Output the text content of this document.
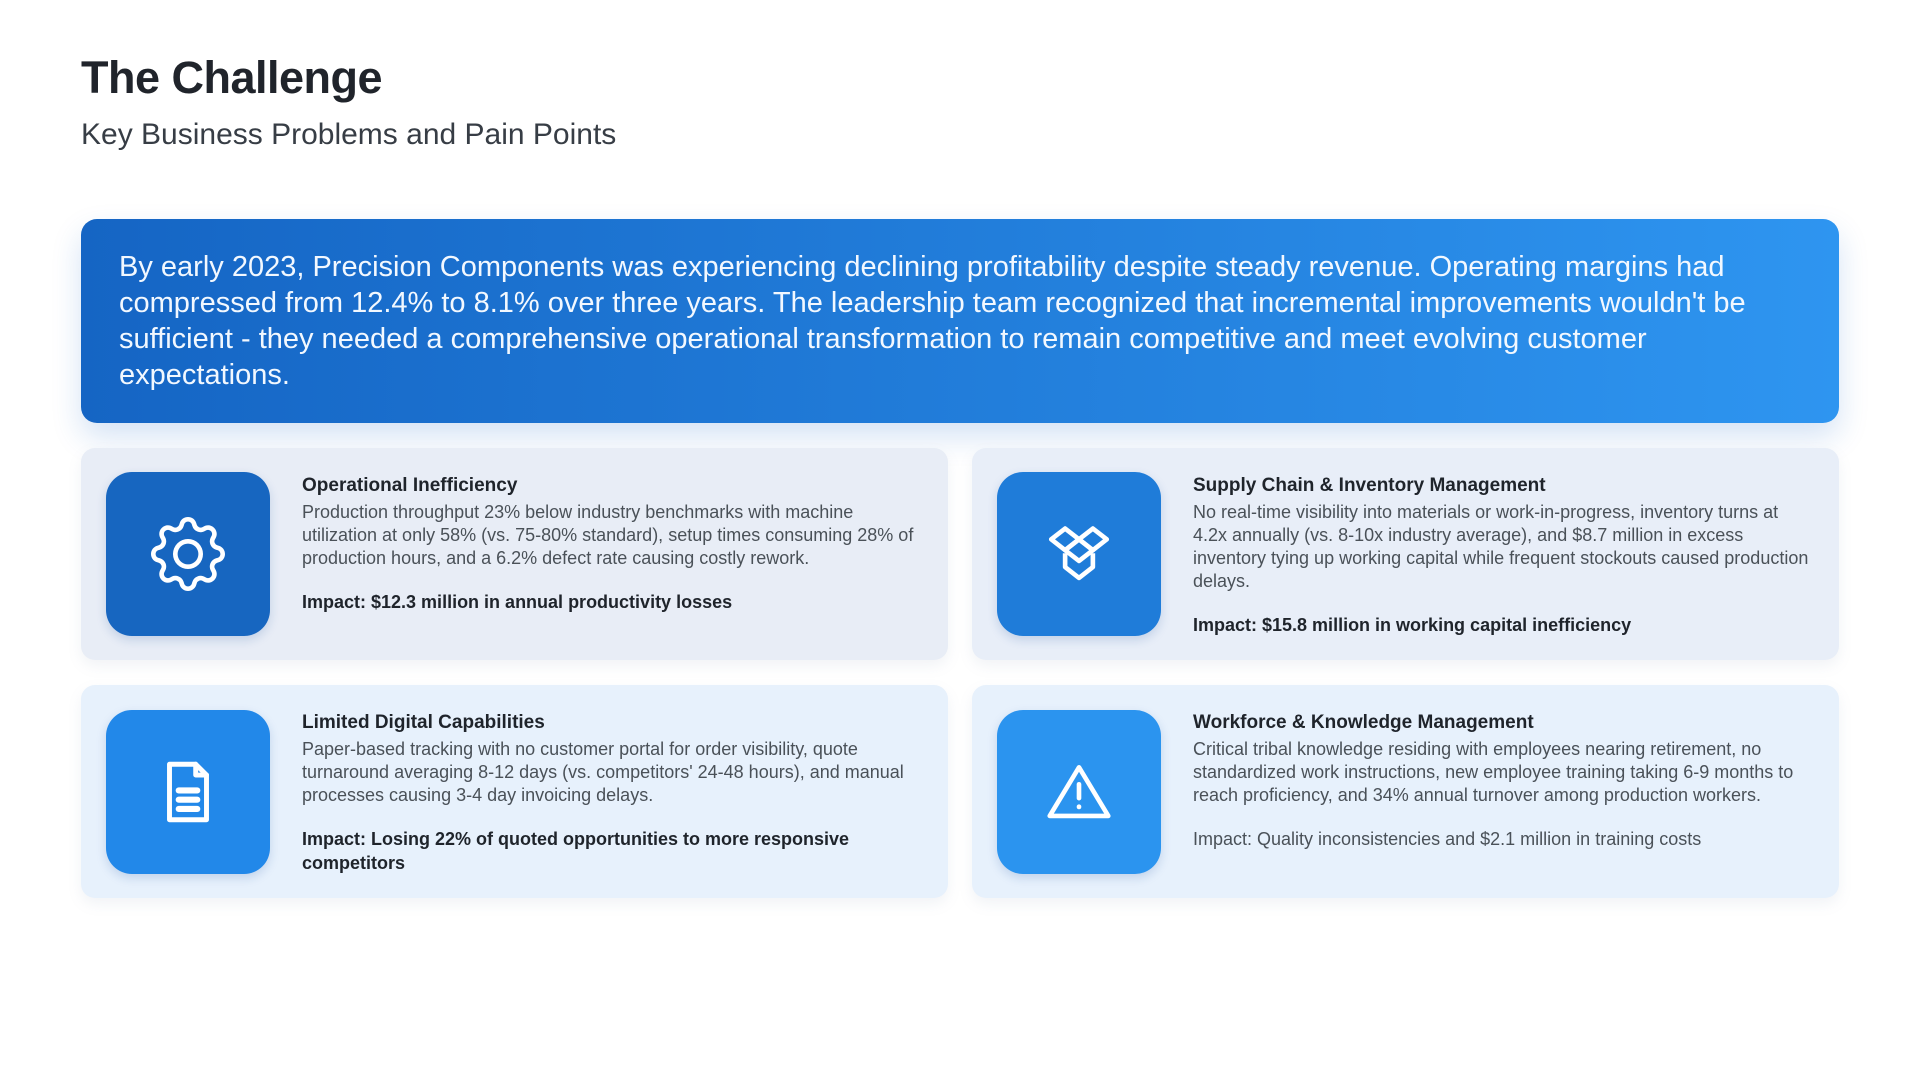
The Challenge
Key Business Problems and Pain Points

By early 2023, Precision Components was experiencing declining profitability despite steady revenue. Operating margins had compressed from 12.4% to 8.1% over three years. The leadership team recognized that incremental improvements wouldn't be sufficient - they needed a comprehensive operational transformation to remain competitive and meet evolving customer expectations.

Operational Inefficiency
Production throughput 23% below industry benchmarks with machine utilization at only 58% (vs. 75-80% standard), setup times consuming 28% of production hours, and a 6.2% defect rate causing costly rework.
Impact: $12.3 million in annual productivity losses
Supply Chain & Inventory Management
No real-time visibility into materials or work-in-progress, inventory turns at 4.2x annually (vs. 8-10x industry average), and $8.7 million in excess inventory tying up working capital while frequent stockouts caused production delays.
Impact: $15.8 million in working capital inefficiency
Limited Digital Capabilities
Paper-based tracking with no customer portal for order visibility, quote turnaround averaging 8-12 days (vs. competitors' 24-48 hours), and manual processes causing 3-4 day invoicing delays.
Impact: Losing 22% of quoted opportunities to more responsive competitors
Workforce & Knowledge Management
Critical tribal knowledge residing with employees nearing retirement, no standardized work instructions, new employee training taking 6-9 months to reach proficiency, and 34% annual turnover among production workers.
Impact: Quality inconsistencies and $2.1 million in training costs
